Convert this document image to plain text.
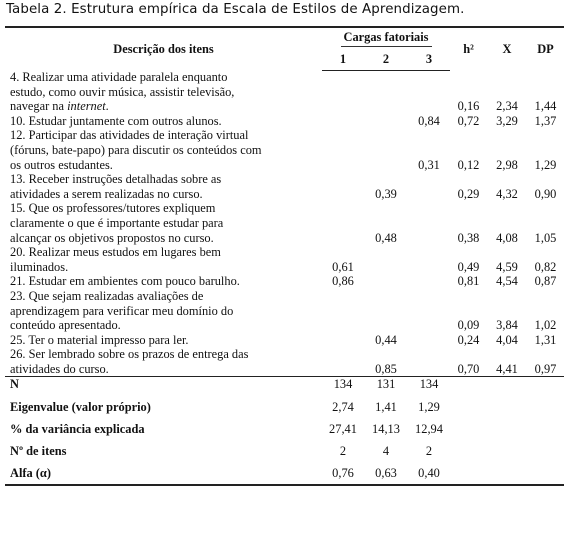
Tabela 2. Estrutura empírica da Escala de Estilos de Aprendizagem.
Descrição dos itens	Cargas fatoriais			h²	X	DP
	1	2	3			
4. Realizar uma atividade paralela enquanto
estudo, como ouvir música, assistir televisão,
navegar na internet.				0,16	2,34	1,44
10. Estudar juntamente com outros alunos.			0,84	0,72	3,29	1,37
12. Participar das atividades de interação virtual
(fóruns, bate-papo) para discutir os conteúdos com
os outros estudantes.			0,31	0,12	2,98	1,29
13. Receber instruções detalhadas sobre as
atividades a serem realizadas no curso.		0,39		0,29	4,32	0,90
15. Que os professores/tutores expliquem
claramente o que é importante estudar para
alcançar os objetivos propostos no curso.		0,48		0,38	4,08	1,05
20. Realizar meus estudos em lugares bem
iluminados.	0,61			0,49	4,59	0,82
21. Estudar em ambientes com pouco barulho.	0,86			0,81	4,54	0,87
23. Que sejam realizadas avaliações de
aprendizagem para verificar meu domínio do
conteúdo apresentado.				0,09	3,84	1,02
25. Ter o material impresso para ler.		0,44		0,24	4,04	1,31
26. Ser lembrado sobre os prazos de entrega das
atividades do curso.		0,85		0,70	4,41	0,97
N	134	131	134			
Eigenvalue (valor próprio)	2,74	1,41	1,29			
% da variância explicada	27,41	14,13	12,94			
Nº de itens	2	4	2			
Alfa (α)	0,76	0,63	0,40			
